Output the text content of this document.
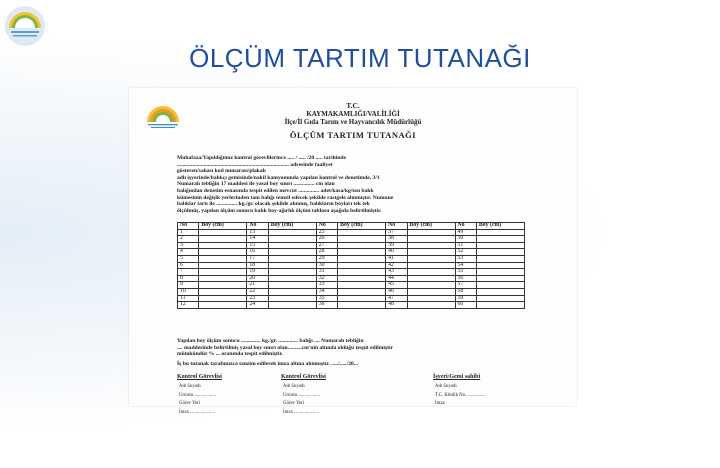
ÖLÇÜM TARTIM TUTANAĞI
T.C.
KAYMAKAMLIĞI/VALİLİĞİ
İlçe/İl Gıda Tarım ve Hayvancılık Müdürlüğü
ÖLÇÜM TARTIM TUTANAĞI
Muhafaza/Yapıldığımız kontrol görevlilerince ..... / ..... /20 ..... tarihinde
................................................................................ adresinde faaliyet
gösteren/sahası kod numarası/plakalı
adlı işyerinde/balıkçı gemisinde/nakil kamyonunda yapılan kontrol ve denetimde, 3/1
Numaralı tebliğin 17 maddesi ile yasal boy sınırı ............... cm olan
balığından denetim esnasında tespit edilen mevcut ............... adet/kasa/kg/ton balık
kümesinin değişik yerlerinden tam balığı temsil edecek şekilde rastgele alınmıştır. Numune
balıklar tartı ile ............... kg./gr. olacak şekilde alınmış, balıkların boyları tek tek
ölçülmüş, yapılan ölçüm sonucu balık boy-ağırlık ölçüm tablosu aşağıda belirtilmiştir.
No	Boy (cm)	No	Boy (cm)	No	Boy (cm)	No	Boy (cm)	No	Boy (cm)
1		13		25		37		49	
2		14		26		38		50	
3		15		27		39		51	
4		16		28		40		52	
5		17		29		41		53	
6		18		30		42		54	
7		19		31		43		55	
8		20		32		44		56	
9		21		33		45		57	
10		22		34		46		58	
11		23		35		47		59	
12		24		36		48		60	
Yapılan boy ölçüm sonucu .............. kg./gr. .............. balığı .... Numaralı tebliğin
.... maddesinde belirtilmiş yasal boy sınırı olan..........cm'nin altında olduğu tespit edilmiştir
mümkündür % ... oranında tespit edilmiştir.
İş bu tutanak tarafımızca tanzim edilerek imza altına alınmıştır. ...../...../20...
Kontrol Görevlisi
Adı Soyadı
Unvanı ..................
Görev Yeri
İmza .....................
Kontrol Görevlisi
Adı Soyadı
Unvanı ..................
Görev Yeri
İmza .....................
İşyeri/Gemi sahibi
Adı Soyadı
T.C. Kimlik No.................
İmza
